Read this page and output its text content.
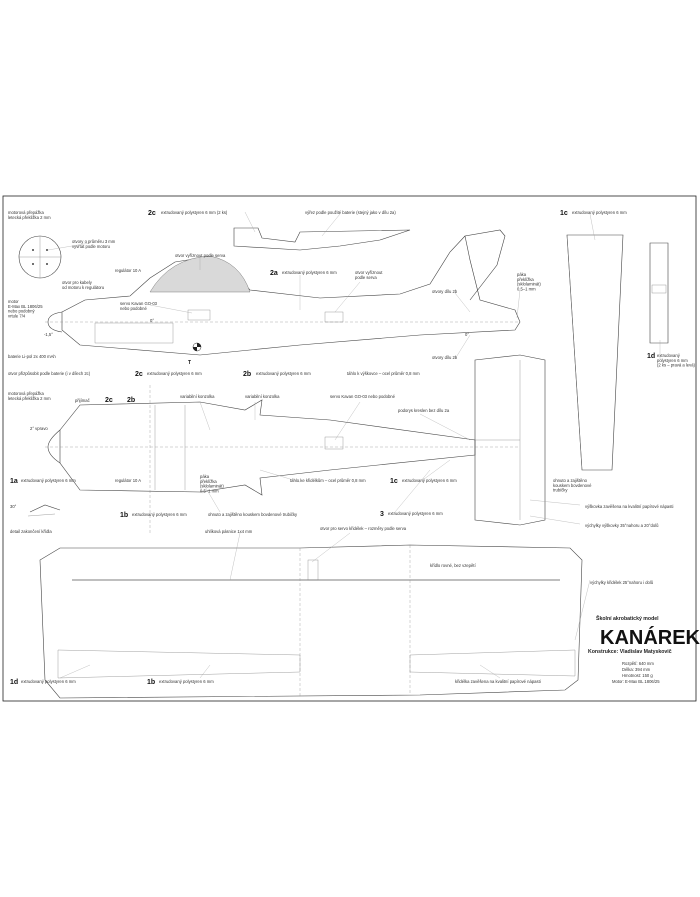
T
motorová přepážka letecká překližka 2 mm
otvory o průměru 3 mm vyvrtat podle motoru
otvor pro kabely od motoru k regulátoru
regulátor 10 A
motor E-Max BL 1806/25 nebo podobný vrtule 7/4
-1,5°
baterie Li-pol 2x 400 mAh
otvor přizpůsobit podle baterie (i v dílech 2c)
otvor vyříznout podle serva
servo Kavan GO-03 nebo podobné
0°
0°
2c extrudovaný polystyren 6 mm (2 ks)	výřez podle použité baterie (stejný jako v dílu 2a)
2a extrudovaný polystyren 6 mm	otvor vyříznout podle serva
otvory dílu 2b
otvory dílu 2b
páka překlížka (sklolaminát) 0,5–1 mm
2c extrudovaný polystyren 6 mm	2b extrudovaný polystyren 6 mm	táhlo k výškovce – ocel průměr 0,8 mm
1c extrudovaný polystyren 6 mm
1d extrudovaný polystyren 6 mm (2 ks – pravá a levá)
motorová přepážka letecká překližka 2 mm	přijímač 2c 2b
2° vpravo
1a extrudovaný polystyren 6 mm	regulátor 10 A
1b extrudovaný polystyren 6 mm
variabilní konzolka	variabilní konzolka	servo Kavan GO-03 nebo podobné
podorys kreslen bez dílu 2a
táhlo ke křidélkům – ocel průměr 0,8 mm
ohnuto a zajištěno kouskem bovdenové trubičky
páka překlížka (sklolaminát) 0,5–1 mm
1c extrudovaný polystyren 6 mm
3 extrudovaný polystyren 6 mm
ohnuto a zajištěno kouskem bovdenové trubičky
výškovka zavěšena na kvalitní papírové nápasti
výchylky výškovky 35°nahoru a 20°dolů
30°
detail zakončení křídla	uhlíková pásnice 1x4 mm
otvor pro servo křidélek – rozměry podle serva
křídlo rovné, bez vzepětí
výchylky křidélek 25°nahoru i dolů
1d extrudovaný polystyren 6 mm	1b extrudovaný polystyren 6 mm	křidélka zavěšena na kvalitní papírové nápasti
Školní akrobatický model
KANÁREK
Konstrukce: Vladislav Matyskovič
Rozpětí: 640 mm
Délka: 394 mm
Hmotnost: 150 g
Motor: E-Max BL 1806/25
